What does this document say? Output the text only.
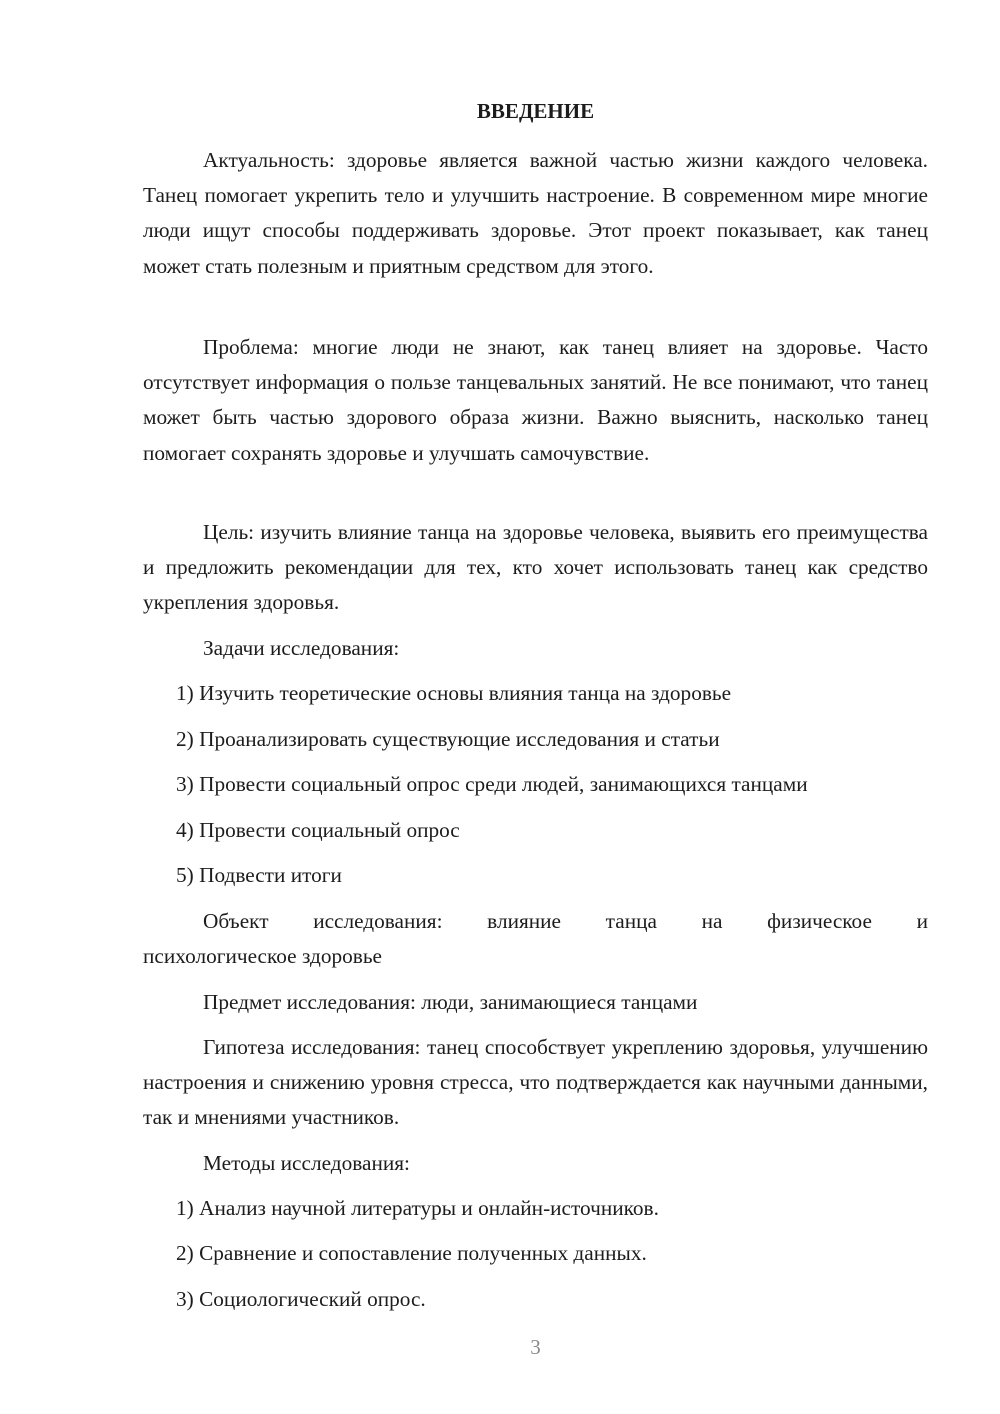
ВВЕДЕНИЕ

Актуальность: здоровье является важной частью жизни каждого человека. Танец помогает укрепить тело и улучшить настроение. В современном мире многие люди ищут способы поддерживать здоровье. Этот проект показывает, как танец может стать полезным и приятным средством для этого.

Проблема: многие люди не знают, как танец влияет на здоровье. Часто отсутствует информация о пользе танцевальных занятий. Не все понимают, что танец может быть частью здорового образа жизни. Важно выяснить, насколько танец помогает сохранять здоровье и улучшать самочувствие.

Цель: изучить влияние танца на здоровье человека, выявить его преимущества и предложить рекомендации для тех, кто хочет использовать танец как средство укрепления здоровья.

Задачи исследования:

1) Изучить теоретические основы влияния танца на здоровье

2) Проанализировать существующие исследования и статьи

3) Провести социальный опрос среди людей, занимающихся танцами

4) Провести социальный опрос

5) Подвести итоги

Объект исследования: влияние танца на физическое и

психологическое здоровье

Предмет исследования: люди, занимающиеся танцами

Гипотеза исследования: танец способствует укреплению здоровья, улучшению настроения и снижению уровня стресса, что подтверждается как научными данными, так и мнениями участников.

Методы исследования:

1) Анализ научной литературы и онлайн-источников.

2) Сравнение и сопоставление полученных данных.

3) Социологический опрос.

3
